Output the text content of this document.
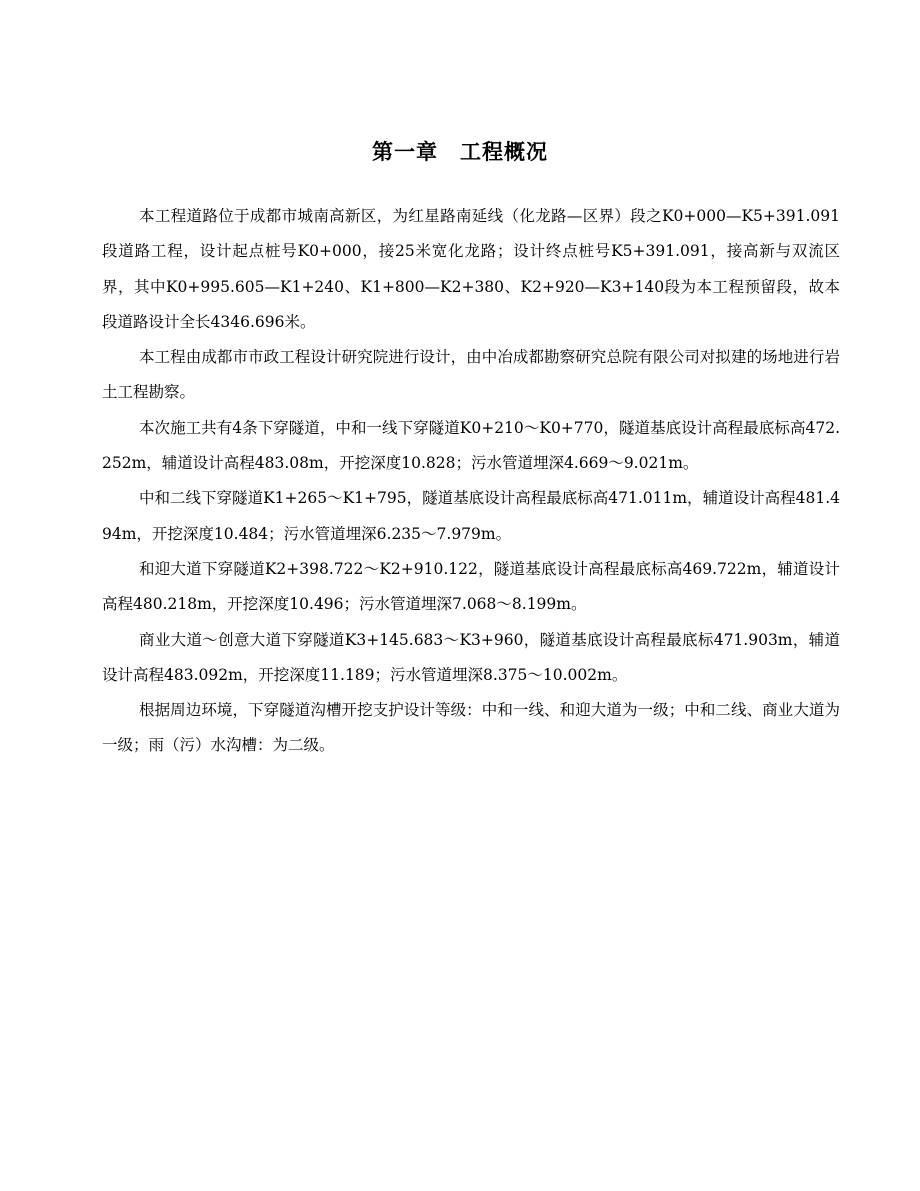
第一章　工程概况

本工程道路位于成都市城南高新区，为红星路南延线（化龙路—区界）段之K0+000—K5+391.091段道路工程，设计起点桩号K0+000，接25米宽化龙路；设计终点桩号K5+391.091，接高新与双流区界，其中K0+995.605—K1+240、K1+800—K2+380、K2+920—K3+140段为本工程预留段，故本段道路设计全长4346.696米。

本工程由成都市市政工程设计研究院进行设计，由中冶成都勘察研究总院有限公司对拟建的场地进行岩土工程勘察。

本次施工共有4条下穿隧道，中和一线下穿隧道K0+210～K0+770，隧道基底设计高程最底标高472.252m，辅道设计高程483.08m，开挖深度10.828；污水管道埋深4.669～9.021m。

中和二线下穿隧道K1+265～K1+795，隧道基底设计高程最底标高471.011m，辅道设计高程481.494m，开挖深度10.484；污水管道埋深6.235～7.979m。

和迎大道下穿隧道K2+398.722～K2+910.122，隧道基底设计高程最底标高469.722m，辅道设计高程480.218m，开挖深度10.496；污水管道埋深7.068～8.199m。

商业大道～创意大道下穿隧道K3+145.683～K3+960，隧道基底设计高程最底标471.903m，辅道设计高程483.092m，开挖深度11.189；污水管道埋深8.375～10.002m。

根据周边环境，下穿隧道沟槽开挖支护设计等级：中和一线、和迎大道为一级；中和二线、商业大道为一级；雨（污）水沟槽：为二级。
